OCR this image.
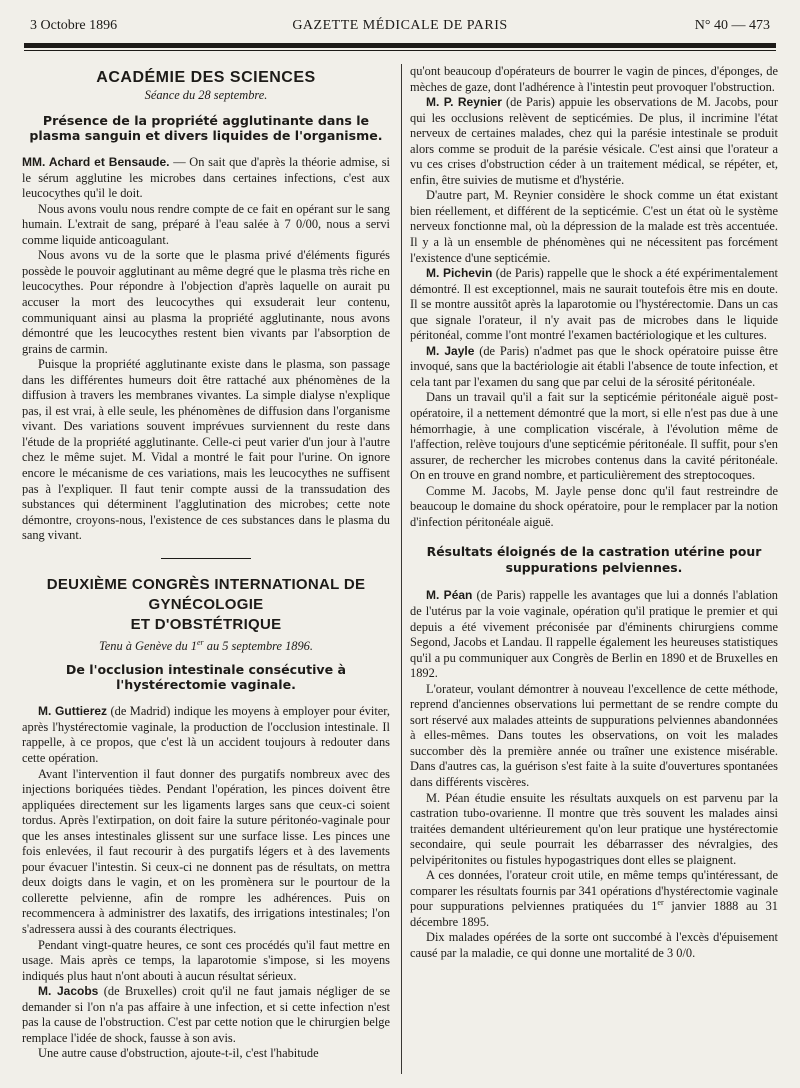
3 Octobre 1896	GAZETTE MÉDICALE DE PARIS	N° 40 — 473
ACADÉMIE DES SCIENCES
Séance du 28 septembre.
Présence de la propriété agglutinante dans le plasma sanguin et divers liquides de l'organisme.

MM. Achard et Bensaude. — On sait que d'après la théorie admise, si le sérum agglutine les microbes dans certaines infections, c'est aux leucocythes qu'il le doit.

Nous avons voulu nous rendre compte de ce fait en opérant sur le sang humain. L'extrait de sang, préparé à l'eau salée à 7 0/00, nous a servi comme liquide anticoagulant.

Nous avons vu de la sorte que le plasma privé d'éléments figurés possède le pouvoir agglutinant au même degré que le plasma très riche en leucocythes. Pour répondre à l'objection d'après laquelle on aurait pu accuser la mort des leucocythes qui exsuderait leur contenu, communiquant ainsi au plasma la propriété agglutinante, nous avons démontré que les leucocythes restent bien vivants par l'absorption de grains de carmin.

Puisque la propriété agglutinante existe dans le plasma, son passage dans les différentes humeurs doit être rattaché aux phénomènes de la diffusion à travers les membranes vivantes. La simple dialyse n'explique pas, il est vrai, à elle seule, les phénomènes de diffusion dans l'organisme vivant. Des variations souvent imprévues surviennent du reste dans l'étude de la propriété agglutinante. Celle-ci peut varier d'un jour à l'autre chez le même sujet. M. Vidal a montré le fait pour l'urine. On ignore encore le mécanisme de ces variations, mais les leucocythes ne suffisent pas à l'expliquer. Il faut tenir compte aussi de la transsudation des substances qui déterminent l'agglutination des microbes; cette note démontre, croyons-nous, l'existence de ces substances dans le plasma du sang vivant.

DEUXIÈME CONGRÈS INTERNATIONAL DE GYNÉCOLOGIE
ET D'OBSTÉTRIQUE
Tenu à Genève du 1er au 5 septembre 1896.
De l'occlusion intestinale consécutive à l'hystérectomie vaginale.

M. Guttierez (de Madrid) indique les moyens à employer pour éviter, après l'hystérectomie vaginale, la production de l'occlusion intestinale. Il rappelle, à ce propos, que c'est là un accident toujours à redouter dans cette opération.

Avant l'intervention il faut donner des purgatifs nombreux avec des injections boriquées tièdes. Pendant l'opération, les pinces doivent être appliquées directement sur les ligaments larges sans que ceux-ci soient tordus. Après l'extirpation, on doit faire la suture péritonéo-vaginale pour que les anses intestinales glissent sur une surface lisse. Les pinces une fois enlevées, il faut recourir à des purgatifs légers et à des lavements pour évacuer l'intestin. Si ceux-ci ne donnent pas de résultats, on mettra deux doigts dans le vagin, et on les promènera sur le pourtour de la collerette pelvienne, afin de rompre les adhérences. Puis on recommencera à administrer des laxatifs, des irrigations intestinales; l'on s'adressera aussi à des courants électriques.

Pendant vingt-quatre heures, ce sont ces procédés qu'il faut mettre en usage. Mais après ce temps, la laparotomie s'impose, si les moyens indiqués plus haut n'ont abouti à aucun résultat sérieux.

M. Jacobs (de Bruxelles) croit qu'il ne faut jamais négliger de se demander si l'on n'a pas affaire à une infection, et si cette infection n'est pas la cause de l'obstruction. C'est par cette notion que le chirurgien belge remplace l'idée de shock, fausse à son avis.

Une autre cause d'obstruction, ajoute-t-il, c'est l'habitude

qu'ont beaucoup d'opérateurs de bourrer le vagin de pinces, d'éponges, de mèches de gaze, dont l'adhérence à l'intestin peut provoquer l'obstruction.

M. P. Reynier (de Paris) appuie les observations de M. Jacobs, pour qui les occlusions relèvent de septicémies. De plus, il incrimine l'état nerveux de certaines malades, chez qui la parésie intestinale se produit alors comme se produit de la parésie vésicale. C'est ainsi que l'orateur a vu ces crises d'obstruction céder à un traitement médical, se répéter, et, enfin, être suivies de mutisme et d'hystérie.

D'autre part, M. Reynier considère le shock comme un état existant bien réellement, et différent de la septicémie. C'est un état où le système nerveux fonctionne mal, où la dépression de la malade est très accentuée. Il y a là un ensemble de phénomènes qui ne nécessitent pas forcément l'existence d'une septicémie.

M. Pichevin (de Paris) rappelle que le shock a été expérimentalement démontré. Il est exceptionnel, mais ne saurait toutefois être mis en doute. Il se montre aussitôt après la laparotomie ou l'hystérectomie. Dans un cas que signale l'orateur, il n'y avait pas de microbes dans le liquide péritonéal, comme l'ont montré l'examen bactériologique et les cultures.

M. Jayle (de Paris) n'admet pas que le shock opératoire puisse être invoqué, sans que la bactériologie ait établi l'absence de toute infection, et cela tant par l'examen du sang que par celui de la sérosité péritonéale.

Dans un travail qu'il a fait sur la septicémie péritonéale aiguë post-opératoire, il a nettement démontré que la mort, si elle n'est pas due à une hémorrhagie, à une complication viscérale, à l'évolution même de l'affection, relève toujours d'une septicémie péritonéale. Il suffit, pour s'en assurer, de rechercher les microbes contenus dans la cavité péritonéale. On en trouve en grand nombre, et particulièrement des streptocoques.

Comme M. Jacobs, M. Jayle pense donc qu'il faut restreindre de beaucoup le domaine du shock opératoire, pour le remplacer par la notion d'infection péritonéale aiguë.

Résultats éloignés de la castration utérine pour suppurations pelviennes.

M. Péan (de Paris) rappelle les avantages que lui a donnés l'ablation de l'utérus par la voie vaginale, opération qu'il pratique le premier et qui depuis a été vivement préconisée par d'éminents chirurgiens comme Segond, Jacobs et Landau. Il rappelle également les heureuses statistiques qu'il a pu communiquer aux Congrès de Berlin en 1890 et de Bruxelles en 1892.

L'orateur, voulant démontrer à nouveau l'excellence de cette méthode, reprend d'anciennes observations lui permettant de se rendre compte du sort réservé aux malades atteints de suppurations pelviennes abandonnées à elles-mêmes. Dans toutes les observations, on voit les malades succomber dès la première année ou traîner une existence misérable. Dans d'autres cas, la guérison s'est faite à la suite d'ouvertures spontanées dans différents viscères.

M. Péan étudie ensuite les résultats auxquels on est parvenu par la castration tubo-ovarienne. Il montre que très souvent les malades ainsi traitées demandent ultérieurement qu'on leur pratique une hystérectomie secondaire, qui seule pourrait les débarrasser des névralgies, des pelvipéritonites ou fistules hypogastriques dont elles se plaignent.

A ces données, l'orateur croit utile, en même temps qu'intéressant, de comparer les résultats fournis par 341 opérations d'hystérectomie vaginale pour suppurations pelviennes pratiquées du 1er janvier 1888 au 31 décembre 1895.

Dix malades opérées de la sorte ont succombé à l'excès d'épuisement causé par la maladie, ce qui donne une mortalité de 3 0/0.
